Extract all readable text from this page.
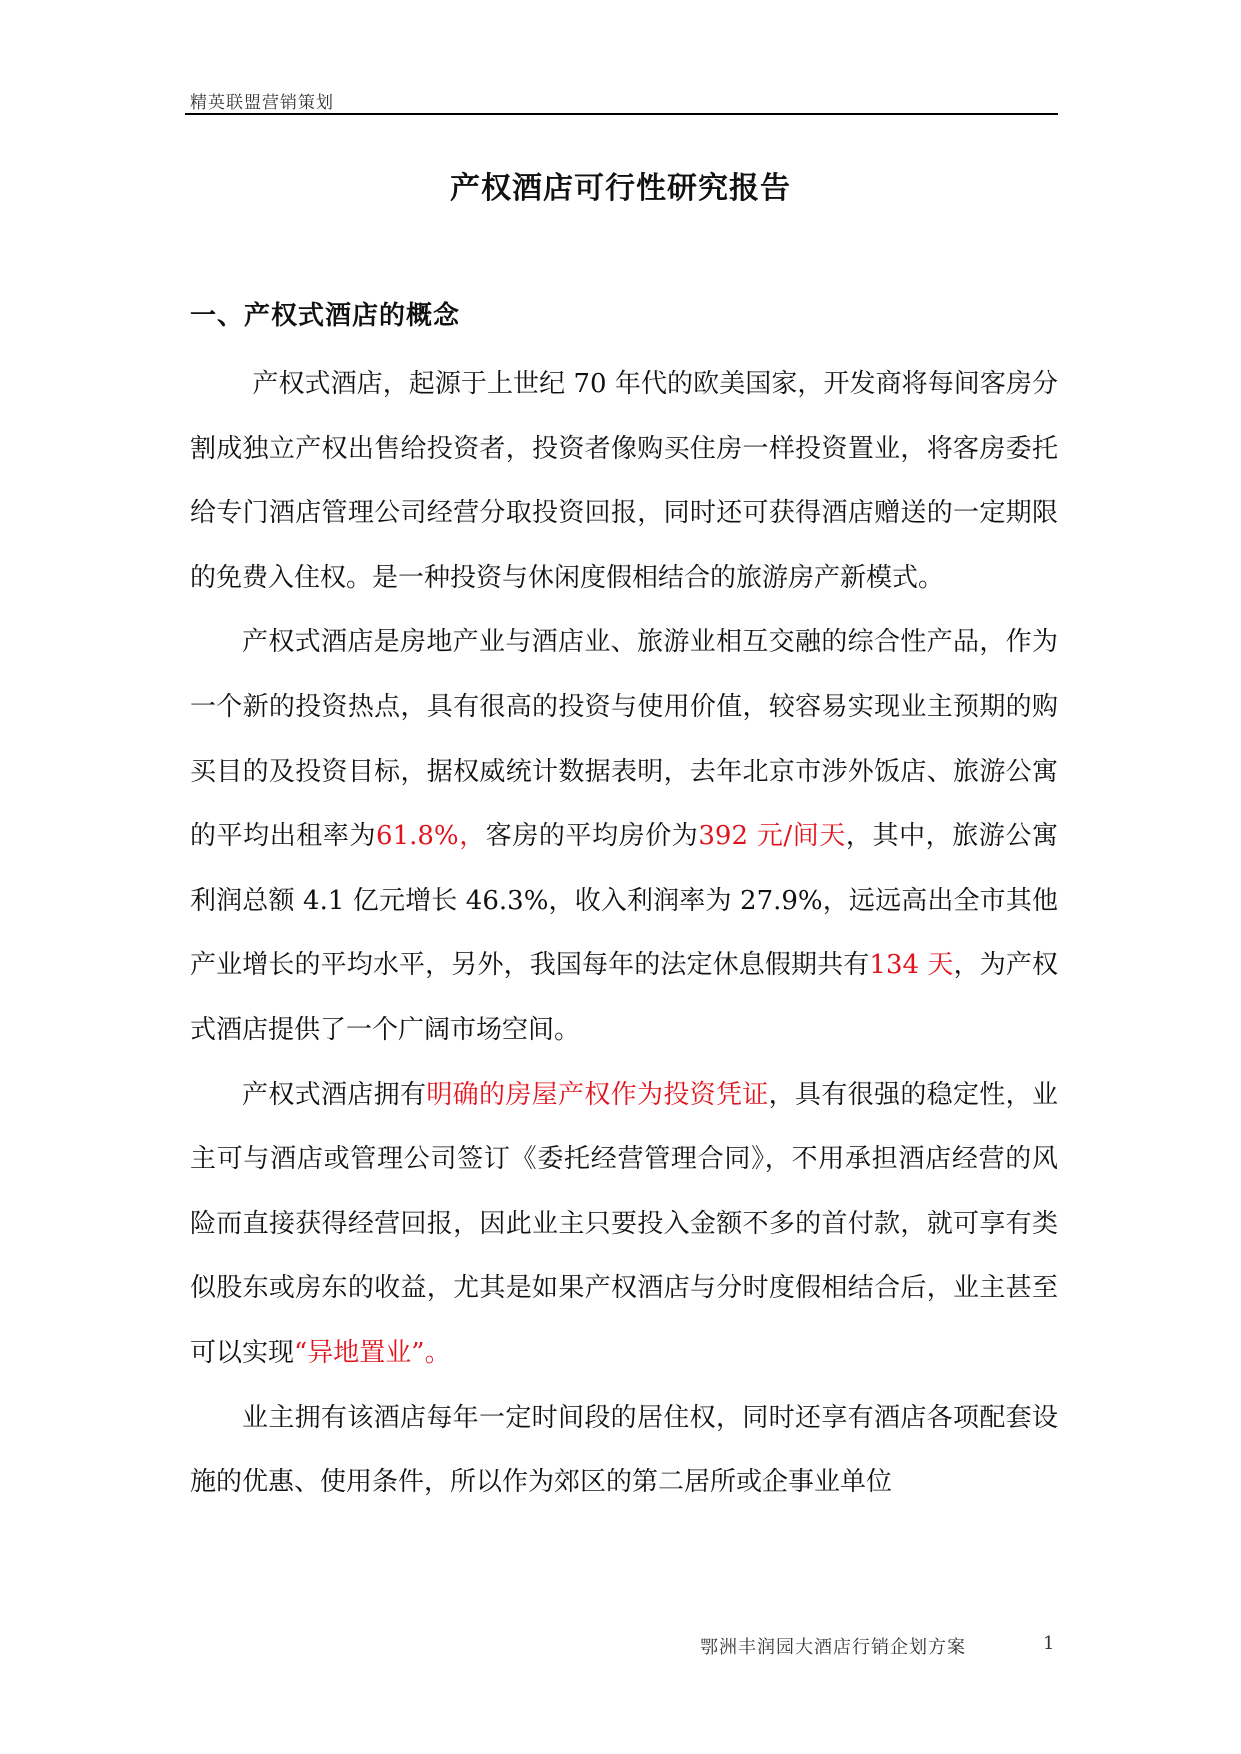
精英联盟营销策划
产权酒店可行性研究报告
一、产权式酒店的概念

产权式酒店，起源于上世纪 70 年代的欧美国家，开发商将每间客房分割成独立产权出售给投资者，投资者像购买住房一样投资置业，将客房委托给专门酒店管理公司经营分取投资回报，同时还可获得酒店赠送的一定期限的免费入住权。是一种投资与休闲度假相结合的旅游房产新模式。

产权式酒店是房地产业与酒店业、旅游业相互交融的综合性产品，作为一个新的投资热点，具有很高的投资与使用价值，较容易实现业主预期的购买目的及投资目标，据权威统计数据表明，去年北京市涉外饭店、旅游公寓的平均出租率为61.8%，客房的平均房价为392 元/间天，其中，旅游公寓利润总额 4.1 亿元增长 46.3%，收入利润率为 27.9%，远远高出全市其他产业增长的平均水平，另外，我国每年的法定休息假期共有134 天，为产权式酒店提供了一个广阔市场空间。

产权式酒店拥有明确的房屋产权作为投资凭证，具有很强的稳定性，业主可与酒店或管理公司签订《委托经营管理合同》，不用承担酒店经营的风险而直接获得经营回报，因此业主只要投入金额不多的首付款，就可享有类似股东或房东的收益，尤其是如果产权酒店与分时度假相结合后，业主甚至可以实现“异地置业”。

业主拥有该酒店每年一定时间段的居住权，同时还享有酒店各项配套设施的优惠、使用条件，所以作为郊区的第二居所或企事业单位

鄂洲丰润园大酒店行销企划方案	1
